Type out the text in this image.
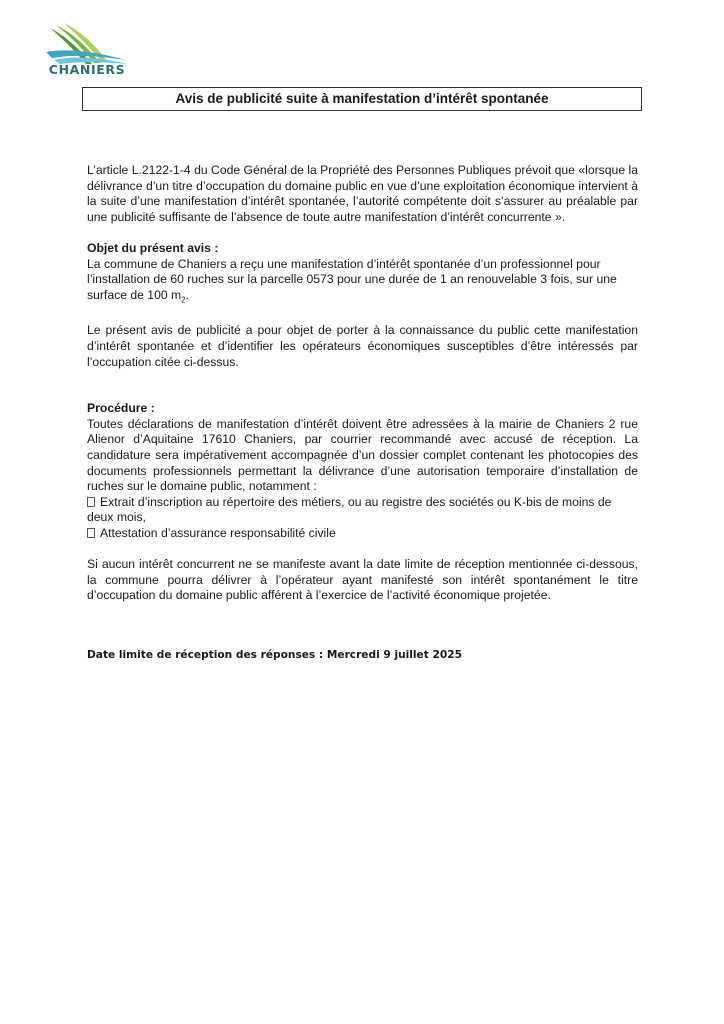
CHANIERS
Avis de publicité suite à manifestation d’intérêt spontanée

L’article L.2122-1-4 du Code Général de la Propriété des Personnes Publiques prévoit que «lorsque la délivrance d’un titre d’occupation du domaine public en vue d’une exploitation économique intervient à la suite d’une manifestation d’intérêt spontanée, l’autorité compétente doit s’assurer au préalable par une publicité suffisante de l’absence de toute autre manifestation d’intérêt concurrente ».

Objet du présent avis :

La commune de Chaniers a reçu une manifestation d’intérêt spontanée d’un professionnel pour l’installation de 60 ruches sur la parcelle 0573 pour une durée de 1 an renouvelable 3 fois, sur une surface de 100 $m_2$.

Le présent avis de publicité a pour objet de porter à la connaissance du public cette manifestation d’intérêt spontanée et d’identifier les opérateurs économiques susceptibles d’être intéressés par l’occupation citée ci-dessus.

Procédure :

Toutes déclarations de manifestation d’intérêt doivent être adressées à la mairie de Chaniers 2 rue Alienor d’Aquitaine 17610 Chaniers, par courrier recommandé avec accusé de réception. La candidature sera impérativement accompagnée d’un dossier complet contenant les photocopies des documents professionnels permettant la délivrance d’une autorisation temporaire d’installation de ruches sur le domaine public, notamment :

Extrait d’inscription au répertoire des métiers, ou au registre des sociétés ou K-bis de moins de deux mois,

Attestation d’assurance responsabilité civile

Si aucun intérêt concurrent ne se manifeste avant la date limite de réception mentionnée ci-dessous, la commune pourra délivrer à l’opérateur ayant manifesté son intérêt spontanément le titre d’occupation du domaine public afférent à l’exercice de l’activité économique projetée.

Date limite de réception des réponses : Mercredi 9 juillet 2025
